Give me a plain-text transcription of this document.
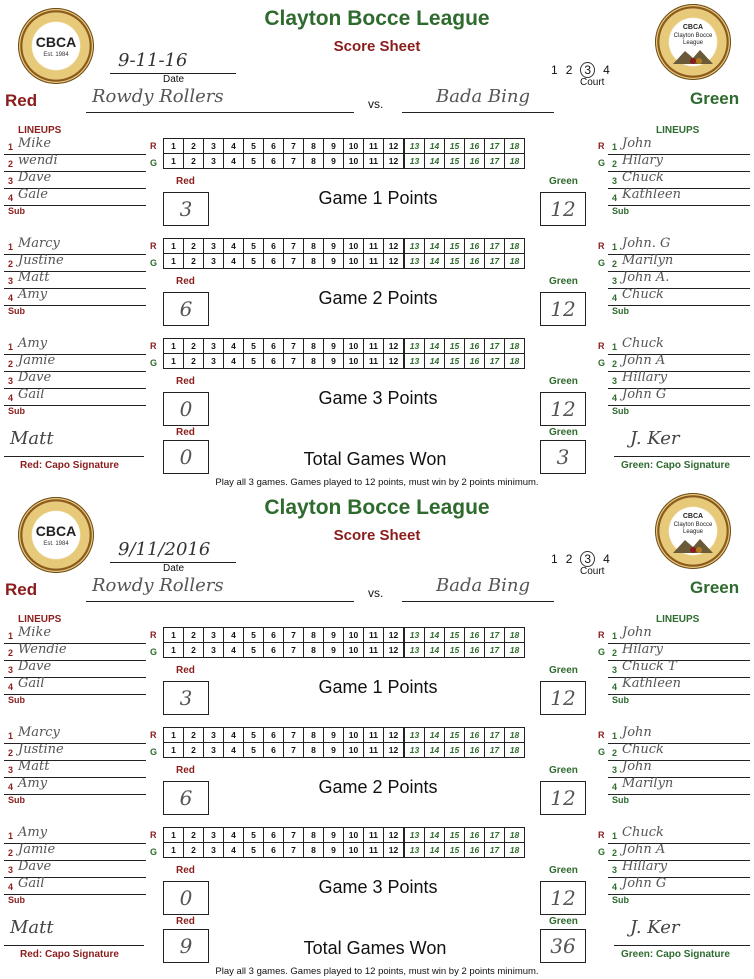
CBCA
Est. 1984
CBCA
Clayton Bocce
League
Clayton Bocce League
Score Sheet
9-11-16
Date
1 2 3 4
Court
Red	Rowdy Rollers	vs.	Bada Bing	Green
LINEUPS	LINEUPS
1 Mike
2 wendi
3 Dave
4 Gale
Sub
1 John
2 Hilary
3 Chuck
4 Kathleen
Sub
R
G
R
G
1	2	3	4	5	6	7	8	9	10	11	12	13	14	15	16	17	18
1	2	3	4	5	6	7	8	9	10	11	12	13	14	15	16	17	18
Red	Green
3	12
Game 1 Points
1 Marcy
2 Justine
3 Matt
4 Amy
Sub
1 John. G
2 Marilyn
3 John A.
4 Chuck
Sub
R
G
R
G
1	2	3	4	5	6	7	8	9	10	11	12	13	14	15	16	17	18
1	2	3	4	5	6	7	8	9	10	11	12	13	14	15	16	17	18
Red	Green
6	12
Game 2 Points
1 Amy
2 Jamie
3 Dave
4 Gail
Sub
1 Chuck
2 John A
3 Hillary
4 John G
Sub
R
G
R
G
1	2	3	4	5	6	7	8	9	10	11	12	13	14	15	16	17	18
1	2	3	4	5	6	7	8	9	10	11	12	13	14	15	16	17	18
Red	Green
0	12
Game 3 Points
Red	Green
0	3
Total Games Won
Matt
Red: Capo Signature
J. Ker
Green: Capo Signature
Play all 3 games. Games played to 12 points, must win by 2 points minimum.
CBCA
Est. 1984
CBCA
Clayton Bocce
League
Clayton Bocce League
Score Sheet
9/11/2016
Date
1 2 3 4
Court
Red	Rowdy Rollers	vs.	Bada Bing	Green
LINEUPS	LINEUPS
1 Mike
2 Wendie
3 Dave
4 Gail
Sub
1 John
2 Hilary
3 Chuck T
4 Kathleen
Sub
R
G
R
G
1	2	3	4	5	6	7	8	9	10	11	12	13	14	15	16	17	18
1	2	3	4	5	6	7	8	9	10	11	12	13	14	15	16	17	18
Red	Green
3	12
Game 1 Points
1 Marcy
2 Justine
3 Matt
4 Amy
Sub
1 John
2 Chuck
3 John
4 Marilyn
Sub
R
G
R
G
1	2	3	4	5	6	7	8	9	10	11	12	13	14	15	16	17	18
1	2	3	4	5	6	7	8	9	10	11	12	13	14	15	16	17	18
Red	Green
6	12
Game 2 Points
1 Amy
2 Jamie
3 Dave
4 Gail
Sub
1 Chuck
2 John A
3 Hillary
4 John G
Sub
R
G
R
G
1	2	3	4	5	6	7	8	9	10	11	12	13	14	15	16	17	18
1	2	3	4	5	6	7	8	9	10	11	12	13	14	15	16	17	18
Red	Green
0	12
Game 3 Points
Red	Green
9	36
Total Games Won
Matt
Red: Capo Signature
J. Ker
Green: Capo Signature
Play all 3 games. Games played to 12 points, must win by 2 points minimum.
